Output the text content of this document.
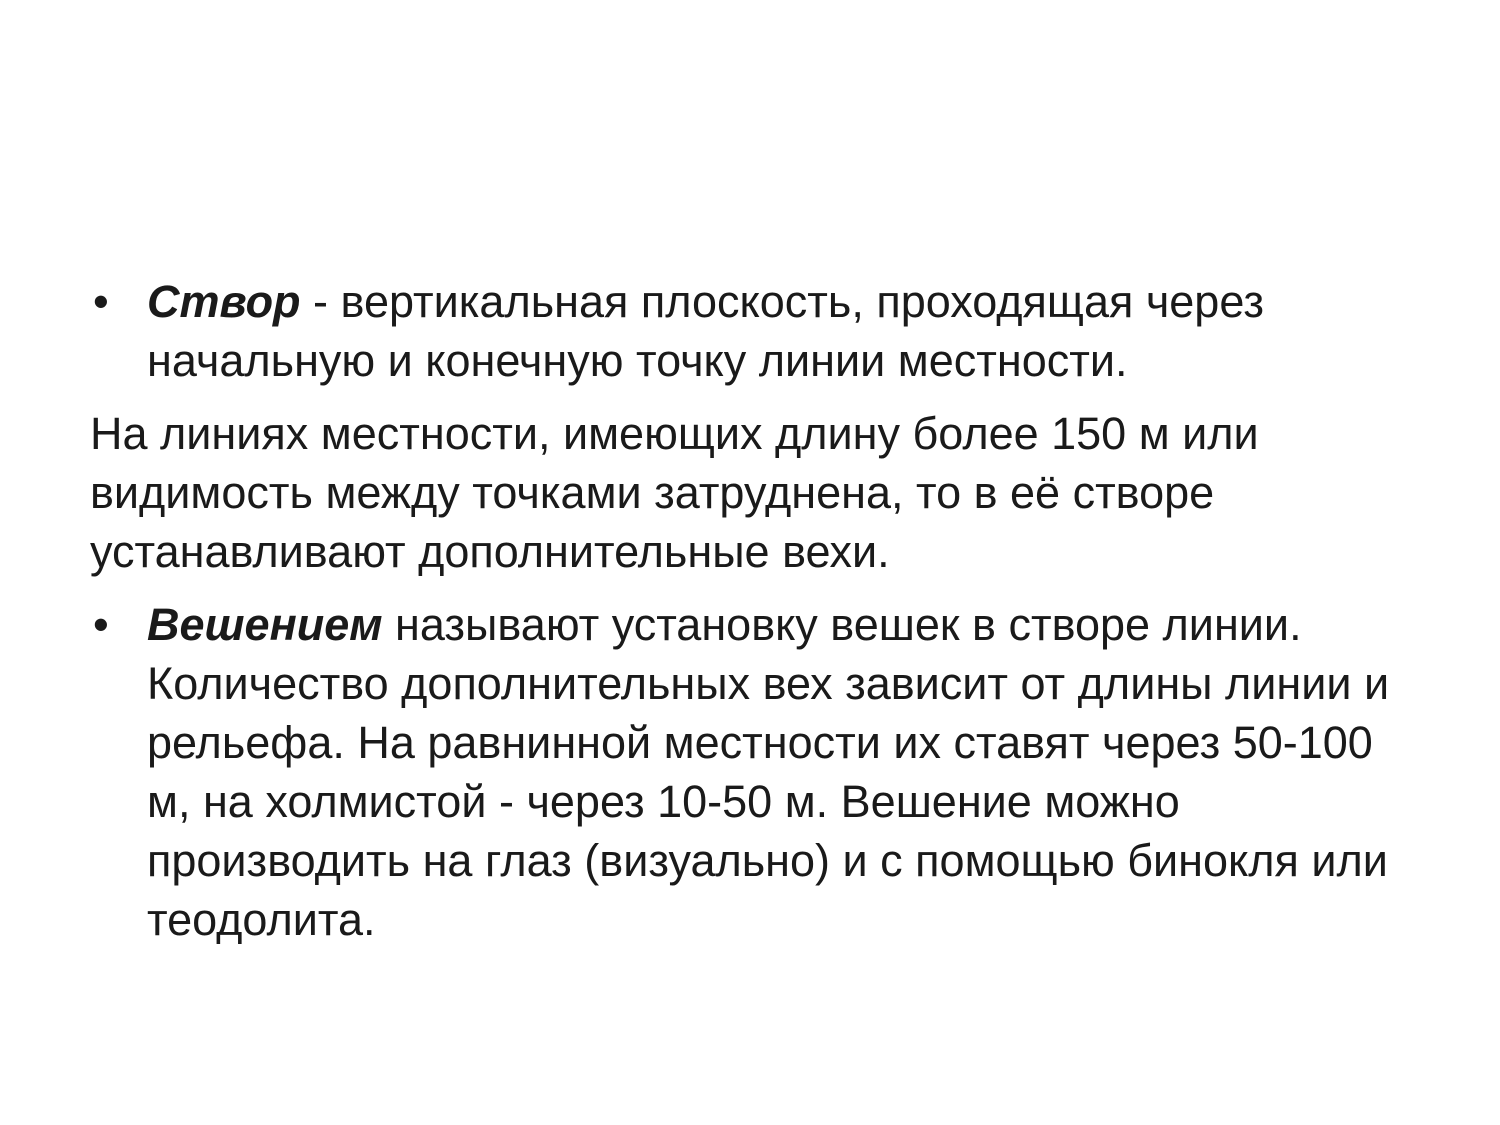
• Створ - вертикальная плоскость, проходящая через начальную и конечную точку линии местности.
На линиях местности, имеющих длину более 150 м или видимость между точками затруднена, то в её створе устанавливают дополнительные вехи.
• Вешением называют установку вешек в створе линии. Количество дополнительных вех зависит от длины линии и рельефа. На равнинной местности их ставят через 50-100 м, на холмистой - через 10-50 м. Вешение можно производить на глаз (визуально) и с помощью бинокля или теодолита.
